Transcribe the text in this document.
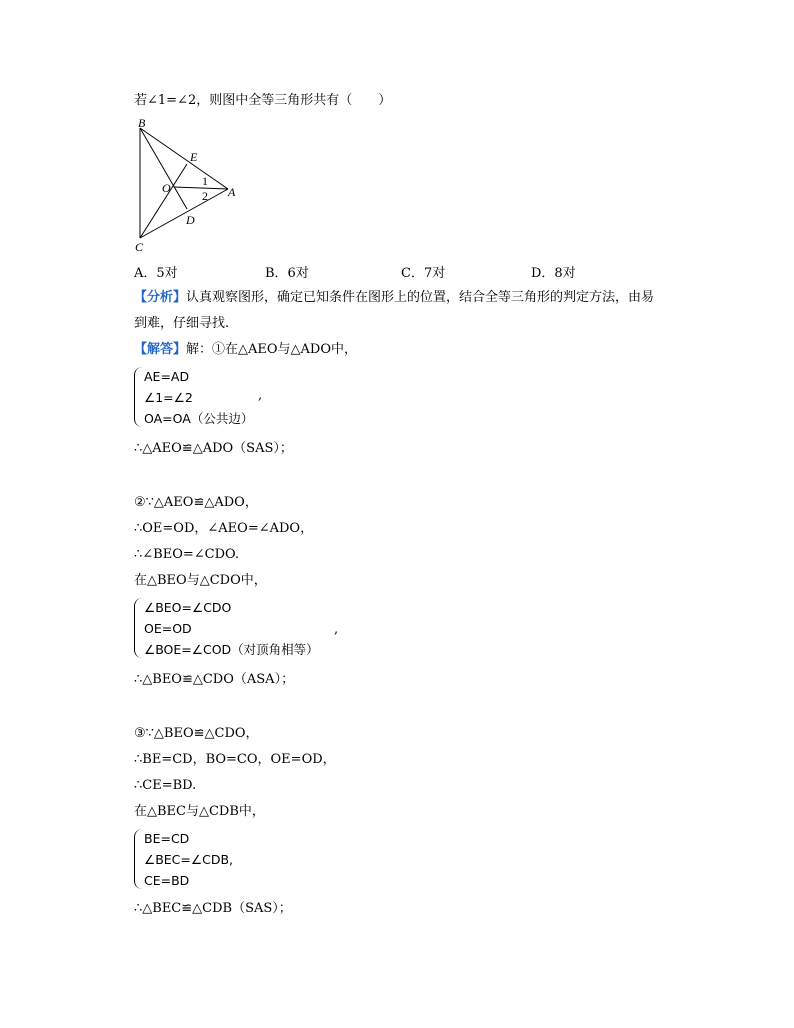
若∠1=∠2，则图中全等三角形共有（　　）
B
C
E
D
O	A
1
2
A．5对	B．6对	C．7对	D．8对
【分析】认真观察图形，确定已知条件在图形上的位置，结合全等三角形的判定方法，由易
到难，仔细寻找.
【解答】解：①在△AEO与△ADO中，
AE=AD
∠1=∠2
OA=OA（公共边）
,
∴△AEO≌△ADO（SAS）；
②∵△AEO≌△ADO，
∴OE=OD，∠AEO=∠ADO，
∴∠BEO=∠CDO.
在△BEO与△CDO中，
∠BEO=∠CDO
OE=OD
∠BOE=∠COD（对顶角相等）
,
∴△BEO≌△CDO（ASA）；
③∵△BEO≌△CDO，
∴BE=CD，BO=CO，OE=OD，
∴CE=BD.
在△BEC与△CDB中，
BE=CD
∠BEC=∠CDB,
CE=BD
∴△BEC≌△CDB（SAS）；
